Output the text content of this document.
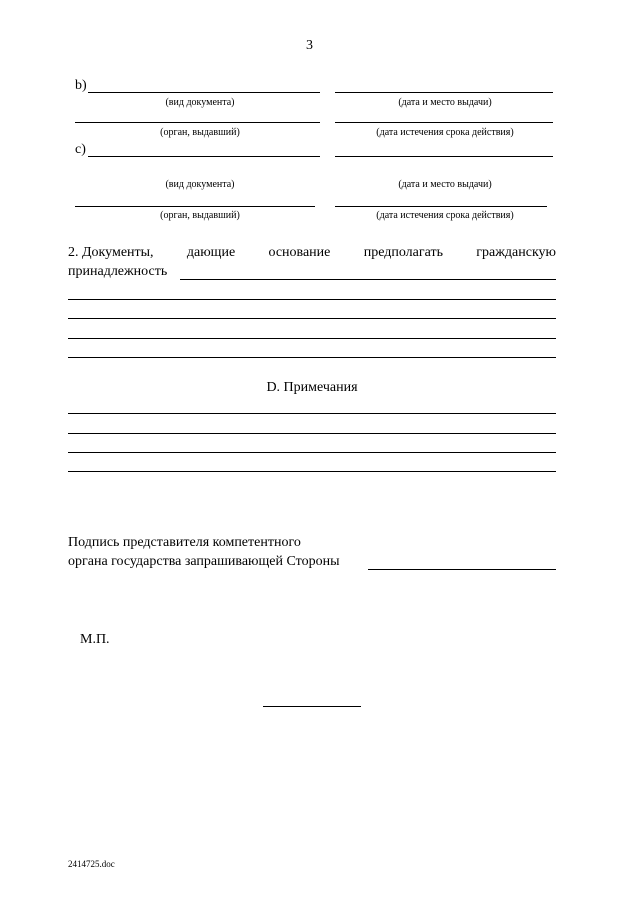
3
b)
(вид документа)	(дата и место выдачи)
(орган, выдавший)	(дата истечения срока действия)
c)
(вид документа)	(дата и место выдачи)
(орган, выдавший)	(дата истечения срока действия)
2. Документы, дающие основание предполагать гражданскую
принадлежность
D. Примечания
Подпись представителя компетентного
органа государства запрашивающей Стороны
М.П.
2414725.doc
